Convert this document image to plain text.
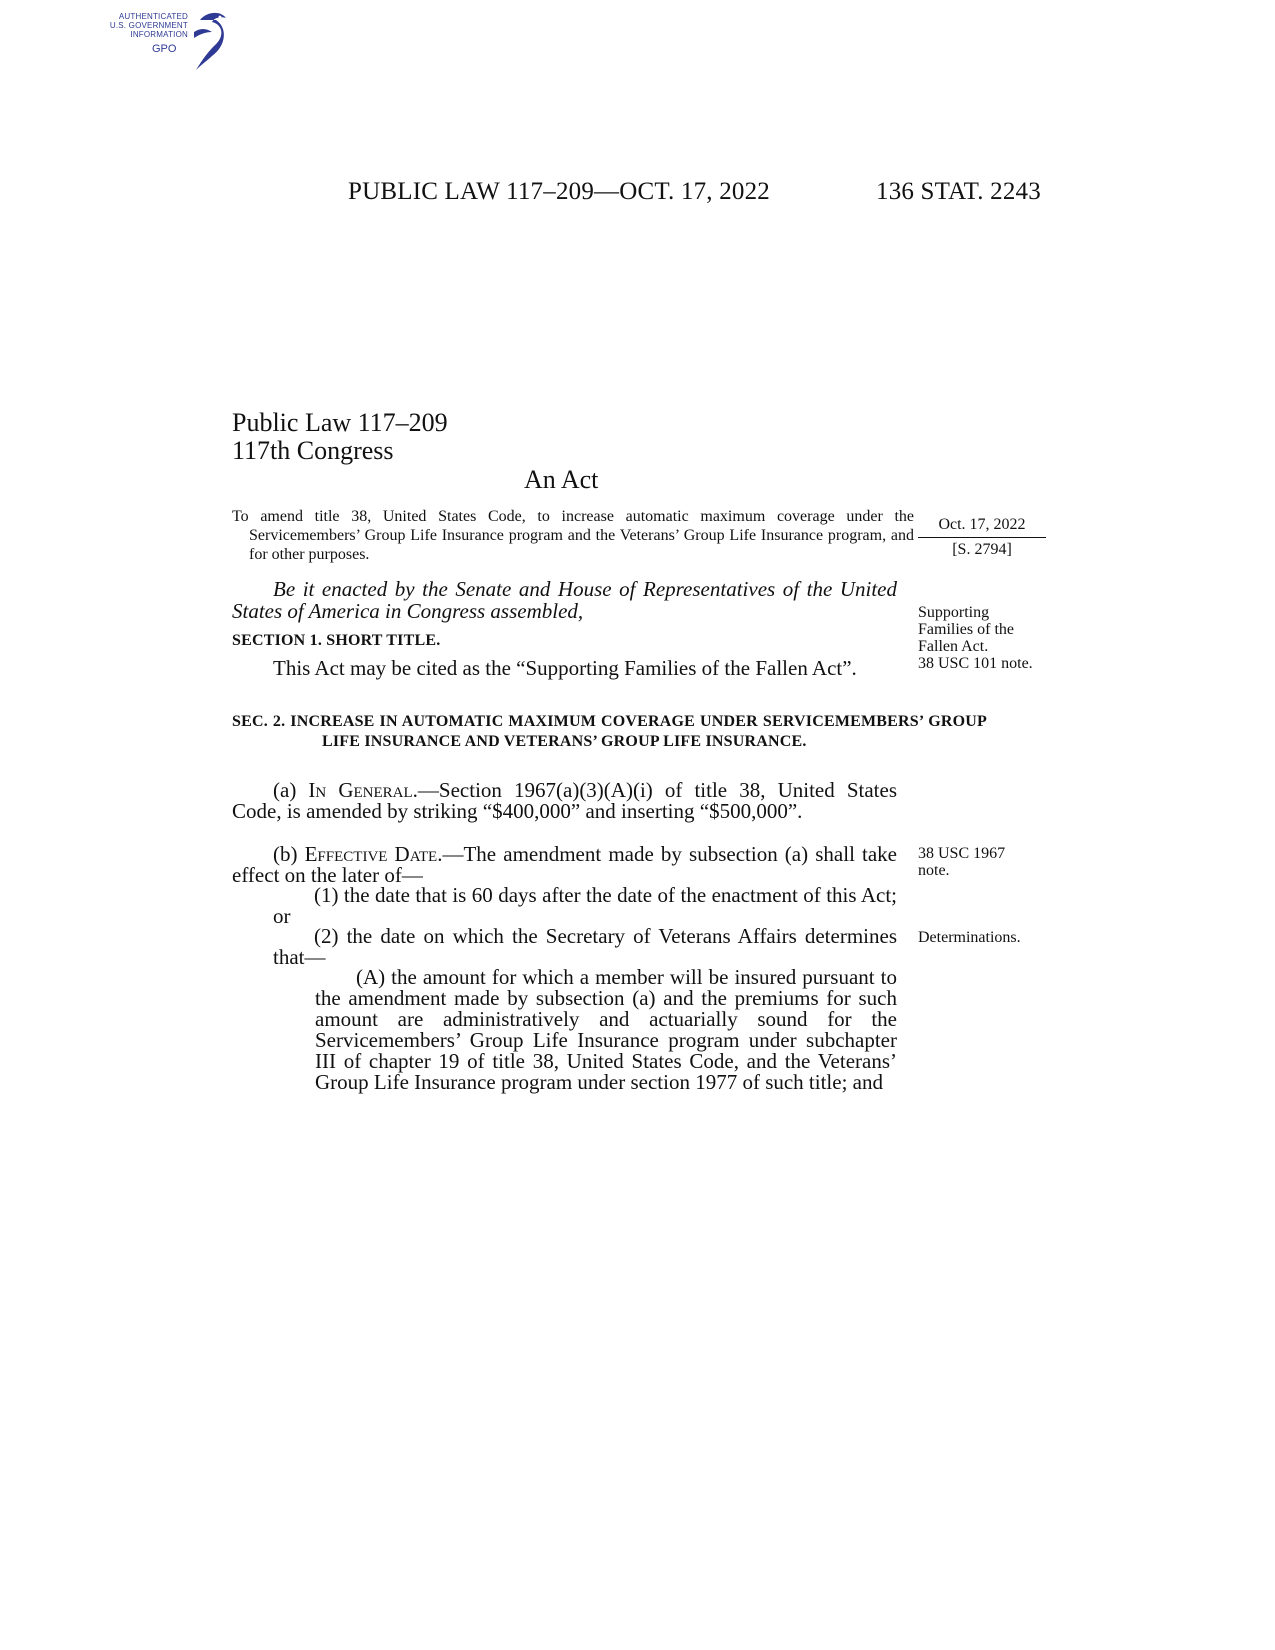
AUTHENTICATED
U.S. GOVERNMENT
INFORMATION
GPO
PUBLIC LAW 117–209—OCT. 17, 2022	136 STAT. 2243
Public Law 117–209
117th Congress
An Act
To amend title 38, United States Code, to increase automatic maximum coverage under the Servicemembers’ Group Life Insurance program and the Veterans’ Group Life Insurance program, and for other purposes.
Oct. 17, 2022
[S. 2794]
Be it enacted by the Senate and House of Representatives of the United States of America in Congress assembled,
SECTION 1. SHORT TITLE.
This Act may be cited as the “Supporting Families of the Fallen Act”.
SEC. 2. INCREASE IN AUTOMATIC MAXIMUM COVERAGE UNDER SERVICEMEMBERS’ GROUP LIFE INSURANCE AND VETERANS’ GROUP LIFE INSURANCE.
(a) In General.—Section 1967(a)(3)(A)(i) of title 38, United States Code, is amended by striking “$400,000” and inserting “$500,000”.
(b) Effective Date.—The amendment made by subsection (a) shall take effect on the later of—
(1) the date that is 60 days after the date of the enactment of this Act; or
(2) the date on which the Secretary of Veterans Affairs determines that—
(A) the amount for which a member will be insured pursuant to the amendment made by subsection (a) and the premiums for such amount are administratively and actuarially sound for the Servicemembers’ Group Life Insurance program under subchapter III of chapter 19 of title 38, United States Code, and the Veterans’ Group Life Insurance program under section 1977 of such title; and
Supporting
Families of the
Fallen Act.
38 USC 101 note.
38 USC 1967
note.
Determinations.
